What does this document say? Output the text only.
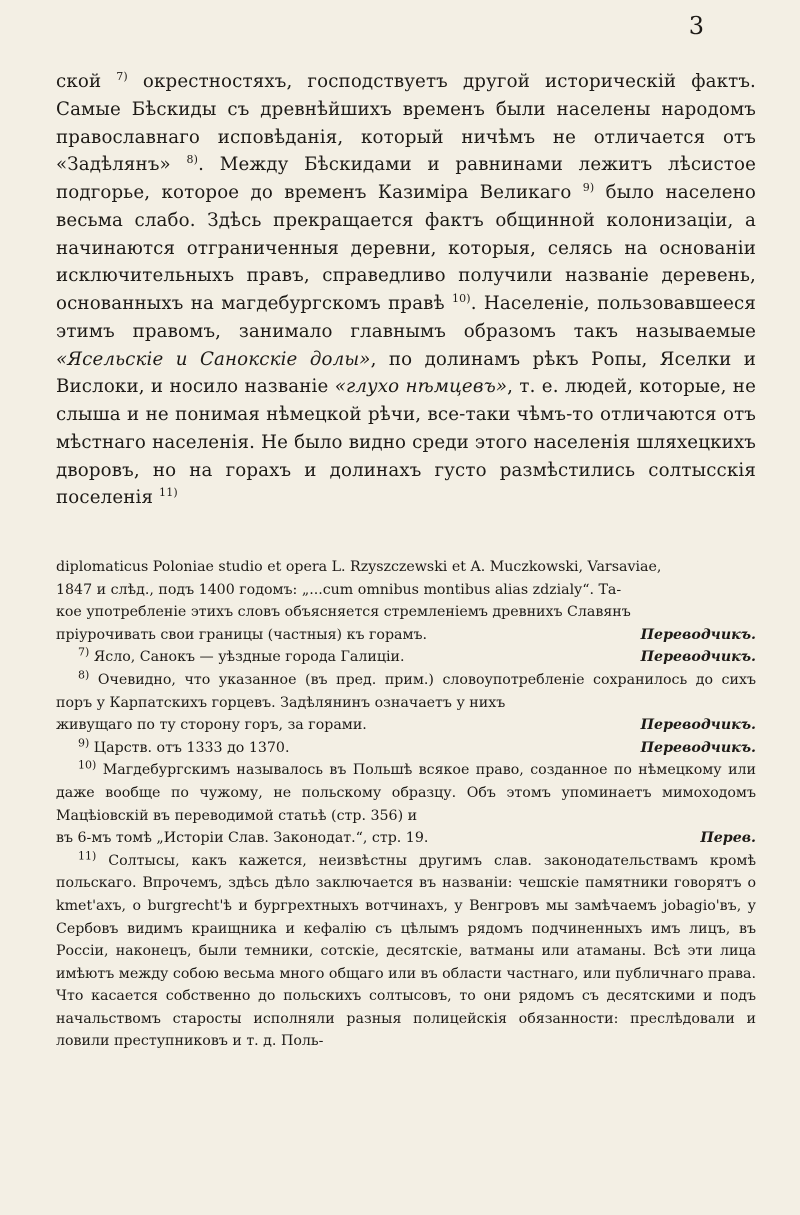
3

ской $^{7)}$ окрестностяхъ, господствуетъ другой историческій фактъ. Самые Бѣскиды съ древнѣйшихъ временъ были населены народомъ православнаго исповѣданія, который ничѣмъ не отличается отъ «Задѣлянъ» $^{8)}$. Между Бѣскидами и равнинами лежитъ лѣсистое подгорье, которое до временъ Казиміра Великаго $^{9)}$ было населено весьма слабо. Здѣсь прекращается фактъ общинной колонизаціи, а начинаются отграниченныя деревни, которыя, селясь на основаніи исключительныхъ правъ, справедливо получили названіе деревень, основанныхъ на магдебургскомъ правѣ $^{10)}$. Населеніе, пользовавшееся этимъ правомъ, занимало главнымъ образомъ такъ называемые «Ясельскіе и Санокскіе долы», по долинамъ рѣкъ Ропы, Яселки и Вислоки, и носило названіе «глухо нѣмцевъ», т. е. людей, которые, не слыша и не понимая нѣмецкой рѣчи, все-таки чѣмъ-то отличаются отъ мѣстнаго населенія. Не было видно среди этого населенія шляхецкихъ дворовъ, но на горахъ и долинахъ густо размѣстились солтысскія поселенія $^{11)}$

diplomaticus Poloniae studio et opera L. Rzyszczewski et A. Muczkowski, Varsaviae,
1847 и слѣд., подъ 1400 годомъ: „...cum omnibus montibus alias zdzialy“. Та-
кое употребленіе этихъ словъ объясняется стремленіемъ древнихъ Славянъ

пріурочивать свои границы (частныя) къ горамъ.	Переводчикъ.
$^{7)}$ Ясло, Санокъ — уѣздные города Галиціи.	Переводчикъ.

$^{8)}$ Очевидно, что указанное (въ пред. прим.) словоупотребленіе сохранилось до сихъ поръ у Карпатскихъ горцевъ. Задѣлянинъ означаетъ у нихъ

живущаго по ту сторону горъ, за горами.	Переводчикъ.
$^{9)}$ Царств. отъ 1333 до 1370.	Переводчикъ.

$^{10)}$ Магдебургскимъ называлось въ Польшѣ всякое право, созданное по нѣмецкому или даже вообще по чужому, не польскому образцу. Объ этомъ упоминаетъ мимоходомъ Мацѣіовскій въ переводимой статьѣ (стр. 356) и

въ 6-мъ томѣ „Исторіи Слав. Законодат.“, стр. 19.	Перев.

$^{11)}$ Солтысы, какъ кажется, неизвѣстны другимъ слав. законодательствамъ кромѣ польскаго. Впрочемъ, здѣсь дѣло заключается въ названіи: чешскіе памятники говорятъ о kmet'ахъ, о burgrecht'ѣ и бургрехтныхъ вотчинахъ, у Венгровъ мы замѣчаемъ jobagio'въ, у Сербовъ видимъ краищника и кефалію съ цѣлымъ рядомъ подчиненныхъ имъ лицъ, въ Россіи, наконецъ, были темники, сотскіе, десятскіе, ватманы или атаманы. Всѣ эти лица имѣютъ между собою весьма много общаго или въ области частнаго, или публичнаго права. Что касается собственно до польскихъ солтысовъ, то они рядомъ съ десятскими и подъ начальствомъ старосты исполняли разныя полицейскія обязанности: преслѣдовали и ловили преступниковъ и т. д. Поль-
